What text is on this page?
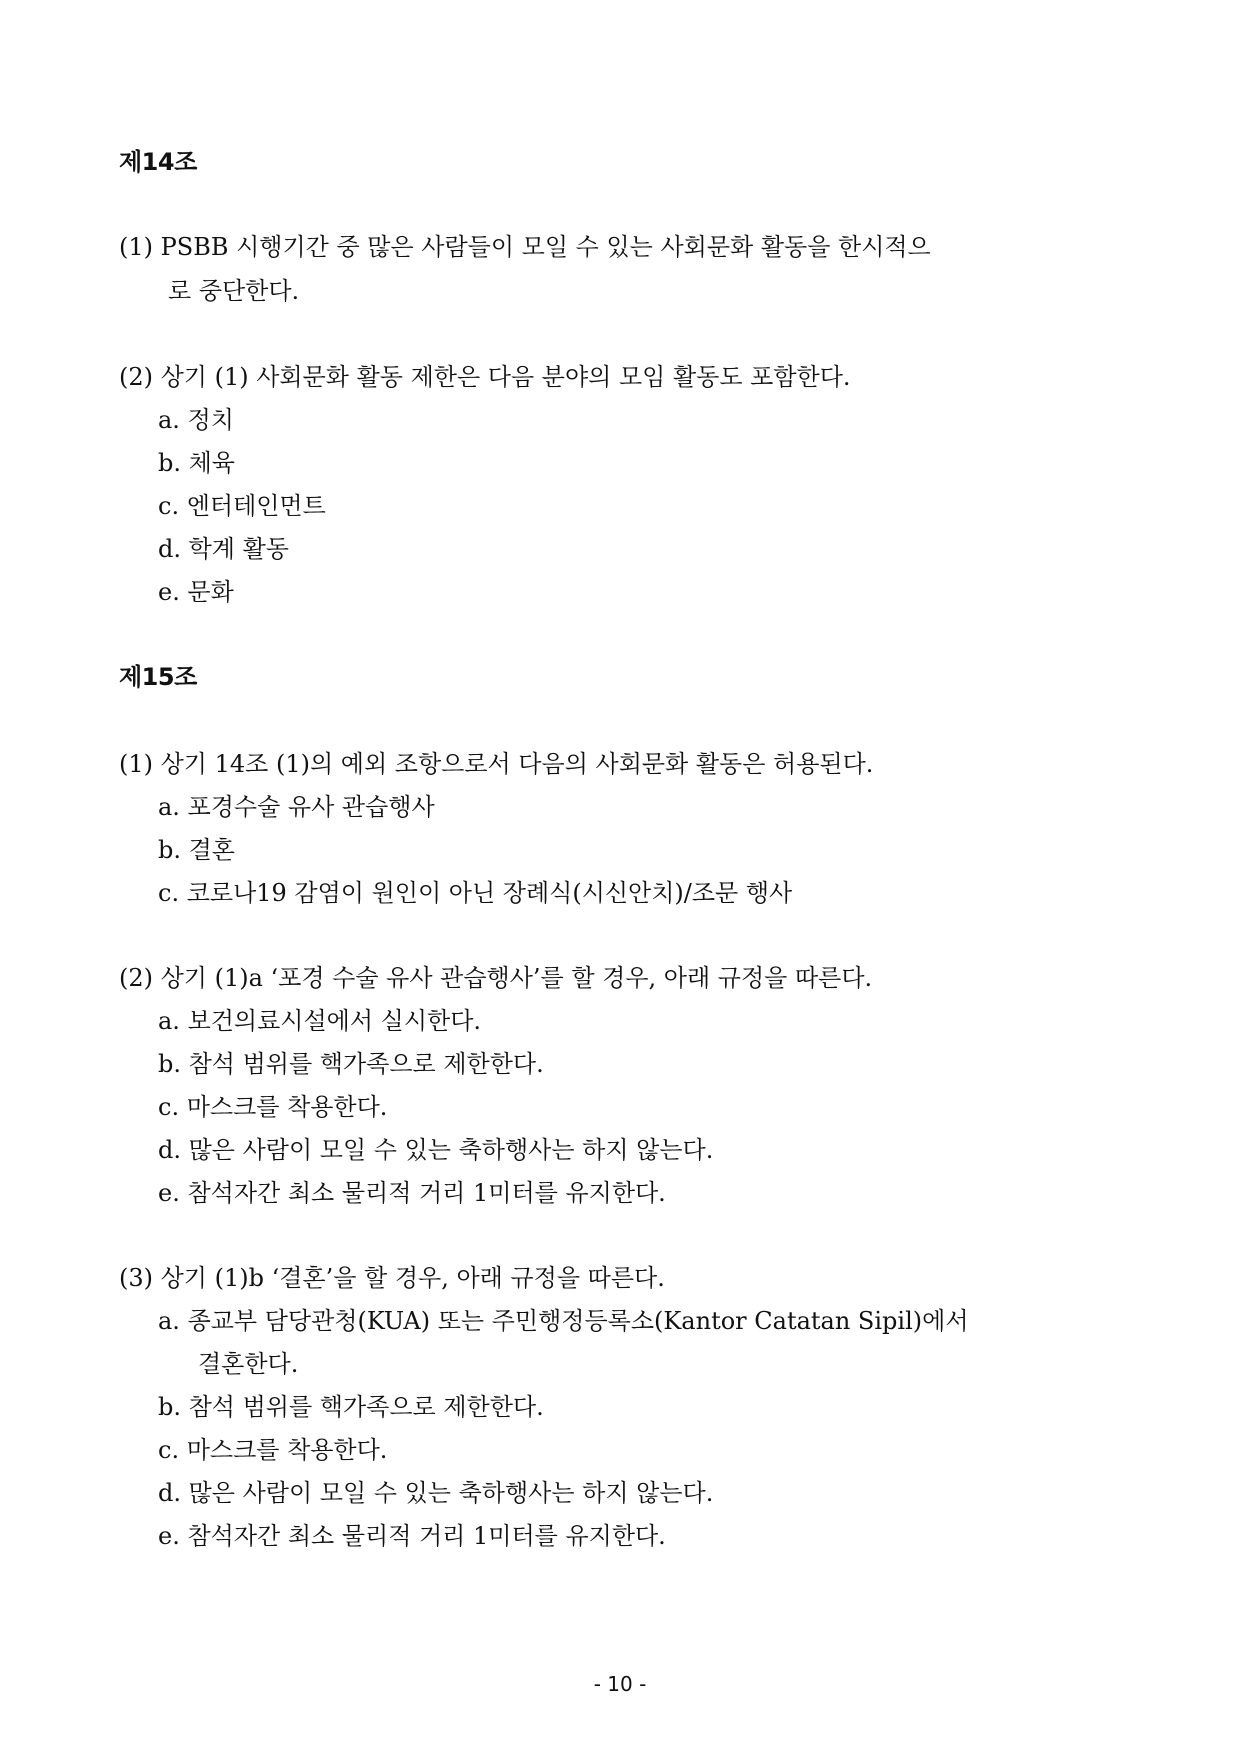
제14조
(1) PSBB 시행기간 중 많은 사람들이 모일 수 있는 사회문화 활동을 한시적으
로 중단한다.
(2) 상기 (1) 사회문화 활동 제한은 다음 분야의 모임 활동도 포함한다.
a. 정치
b. 체육
c. 엔터테인먼트
d. 학계 활동
e. 문화
제15조
(1) 상기 14조 (1)의 예외 조항으로서 다음의 사회문화 활동은 허용된다.
a. 포경수술 유사 관습행사
b. 결혼
c. 코로나19 감염이 원인이 아닌 장례식(시신안치)/조문 행사
(2) 상기 (1)a ‘포경 수술 유사 관습행사’를 할 경우, 아래 규정을 따른다.
a. 보건의료시설에서 실시한다.
b. 참석 범위를 핵가족으로 제한한다.
c. 마스크를 착용한다.
d. 많은 사람이 모일 수 있는 축하행사는 하지 않는다.
e. 참석자간 최소 물리적 거리 1미터를 유지한다.
(3) 상기 (1)b ‘결혼’을 할 경우, 아래 규정을 따른다.
a. 종교부 담당관청(KUA) 또는 주민행정등록소(Kantor Catatan Sipil)에서
결혼한다.
b. 참석 범위를 핵가족으로 제한한다.
c. 마스크를 착용한다.
d. 많은 사람이 모일 수 있는 축하행사는 하지 않는다.
e. 참석자간 최소 물리적 거리 1미터를 유지한다.
- 10 -
